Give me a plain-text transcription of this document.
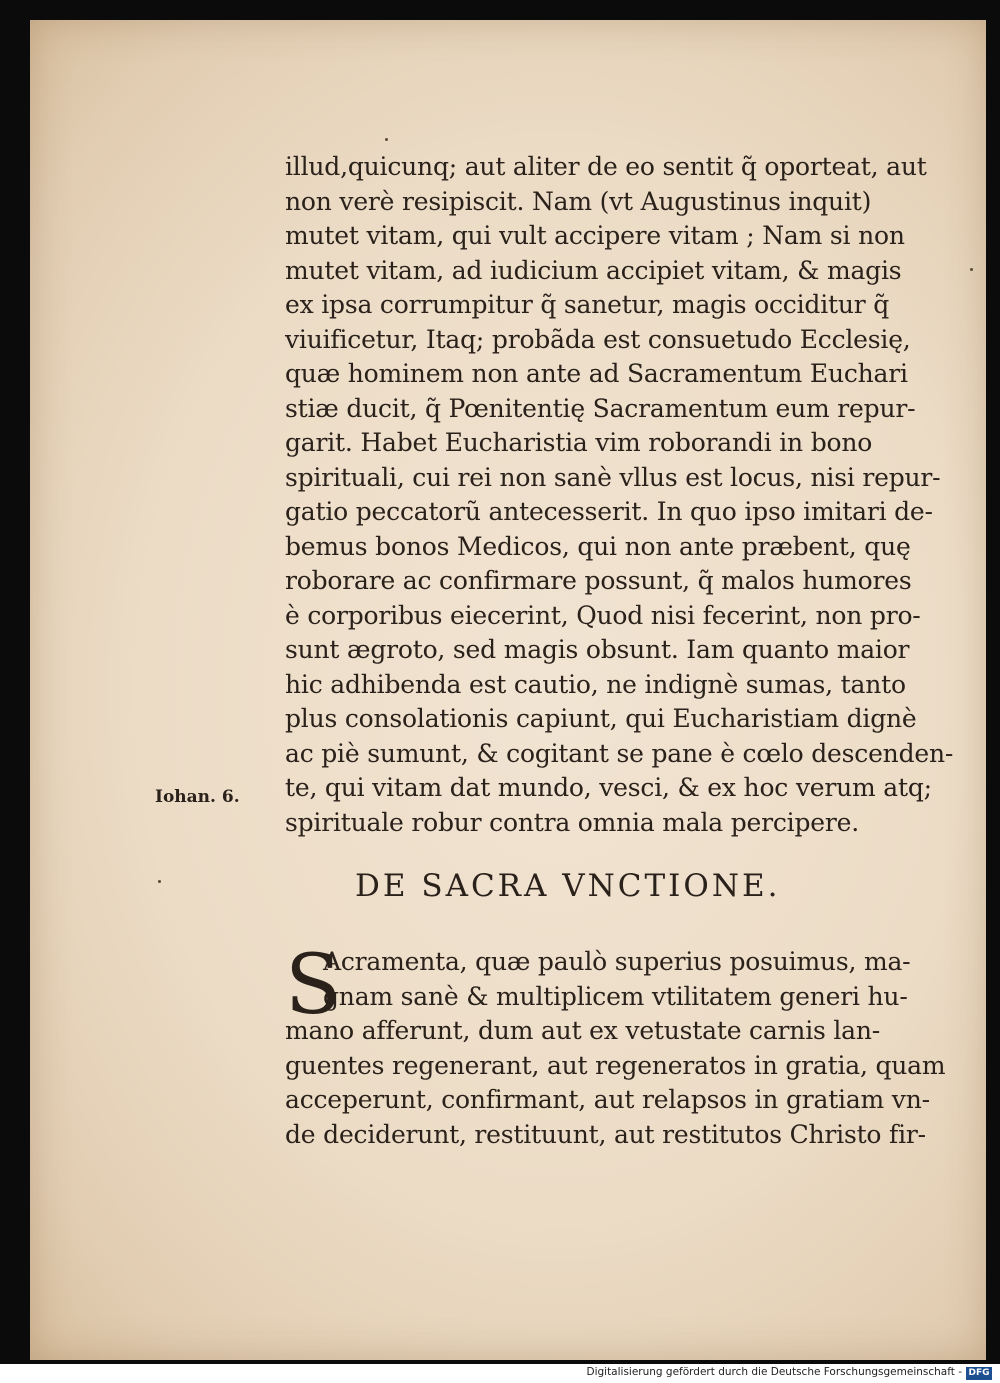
illud,quicunq; aut aliter de eo sentit q̃ oporteat, aut
non verè resipiscit. Nam (vt Augustinus inquit)
mutet vitam, qui vult accipere vitam ; Nam si non
mutet vitam, ad iudicium accipiet vitam, & magis
ex ipsa corrumpitur q̃ sanetur, magis occiditur q̃
viuificetur, Itaq; probãda est consuetudo Ecclesię,
quæ hominem non ante ad Sacramentum Euchari
stiæ ducit, q̃ Pœnitentię Sacramentum eum repur-
garit. Habet Eucharistia vim roborandi in bono
spirituali, cui rei non sanè vllus est locus, nisi repur-
gatio peccatorũ antecesserit. In quo ipso imitari de-
bemus bonos Medicos, qui non ante præbent, quę
roborare ac confirmare possunt, q̃ malos humores
è corporibus eiecerint, Quod nisi fecerint, non pro-
sunt ægroto, sed magis obsunt. Iam quanto maior
hic adhibenda est cautio, ne indignè sumas, tanto
plus consolationis capiunt, qui Eucharistiam dignè
ac piè sumunt, & cogitant se pane è cœlo descenden-
te, qui vitam dat mundo, vesci, & ex hoc verum atq;
spirituale robur contra omnia mala percipere.
Iohan. 6.
DE SACRA VNCTIONE.
S
Acramenta, quæ paulò superius posuimus, ma-
gnam sanè & multiplicem vtilitatem generi hu-
mano afferunt, dum aut ex vetustate carnis lan-
guentes regenerant, aut regeneratos in gratia, quam
acceperunt, confirmant, aut relapsos in gratiam vn-
de deciderunt, restituunt, aut restitutos Christo fir-
Digitalisierung gefördert durch die Deutsche Forschungsgemeinschaft - DFG
